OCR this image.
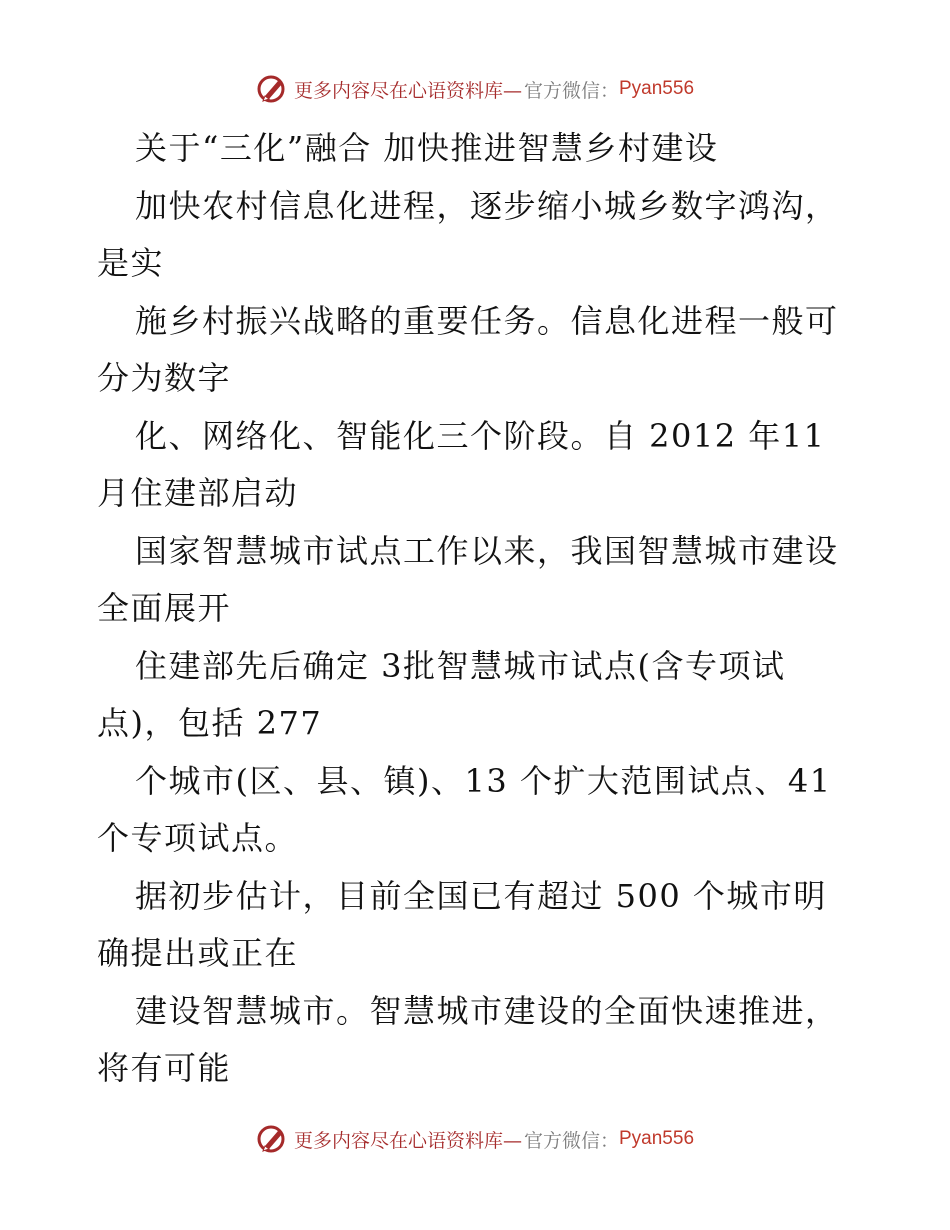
更多内容尽在心语资料库— 官方微信： Pyan556
关于“三化”融合 加快推进智慧乡村建设
加快农村信息化进程，逐步缩小城乡数字鸿沟，
是实
施乡村振兴战略的重要任务。信息化进程一般可
分为数字
化、网络化、智能化三个阶段。自 2012 年11
月住建部启动
国家智慧城市试点工作以来，我国智慧城市建设
全面展开
住建部先后确定 3批智慧城市试点(含专项试
点)，包括 277
个城市(区、县、镇)、13 个扩大范围试点、41
个专项试点。
据初步估计，目前全国已有超过 500 个城市明
确提出或正在
建设智慧城市。智慧城市建设的全面快速推进，
将有可能
更多内容尽在心语资料库— 官方微信： Pyan556
